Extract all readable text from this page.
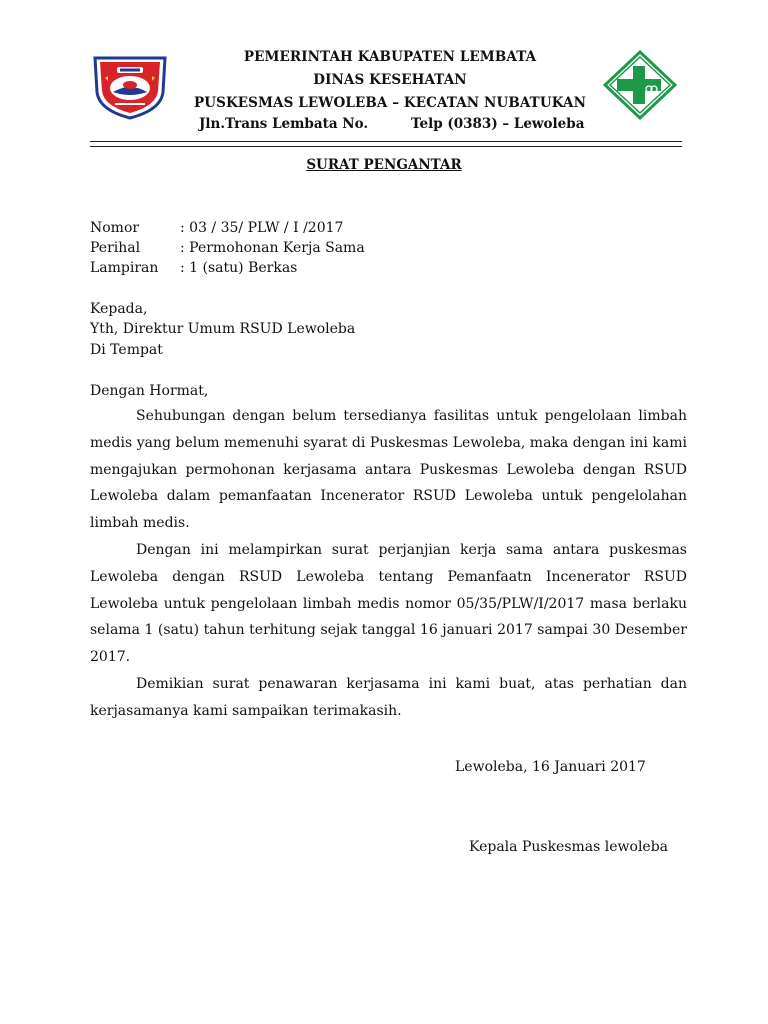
PEMERINTAH KABUPATEN LEMBATA
DINAS KESEHATAN
PUSKESMAS LEWOLEBA – KECATAN NUBATUKAN
Jln.Trans Lembata No.	Telp (0383) – Lewoleba
SURAT PENGANTAR
Nomor	: 03 / 35/ PLW / I /2017
Perihal	: Permohonan Kerja Sama
Lampiran : 1 (satu) Berkas
Kepada,
Yth, Direktur Umum RSUD Lewoleba
Di Tempat
Dengan Hormat,

Sehubungan dengan belum tersedianya fasilitas untuk pengelolaan limbah medis yang belum memenuhi syarat di Puskesmas Lewoleba, maka dengan ini kami mengajukan permohonan kerjasama antara Puskesmas Lewoleba dengan RSUD Lewoleba dalam pemanfaatan Incenerator RSUD Lewoleba untuk pengelolahan limbah medis.

Dengan ini melampirkan surat perjanjian kerja sama antara puskesmas Lewoleba dengan RSUD Lewoleba tentang Pemanfaatn Incenerator RSUD Lewoleba untuk pengelolaan limbah medis nomor 05/35/PLW/I/2017 masa berlaku selama 1 (satu) tahun terhitung sejak tanggal 16 januari 2017 sampai 30 Desember 2017.

Demikian surat penawaran kerjasama ini kami buat, atas perhatian dan kerjasamanya kami sampaikan terimakasih.

Lewoleba, 16 Januari 2017
Kepala Puskesmas lewoleba
